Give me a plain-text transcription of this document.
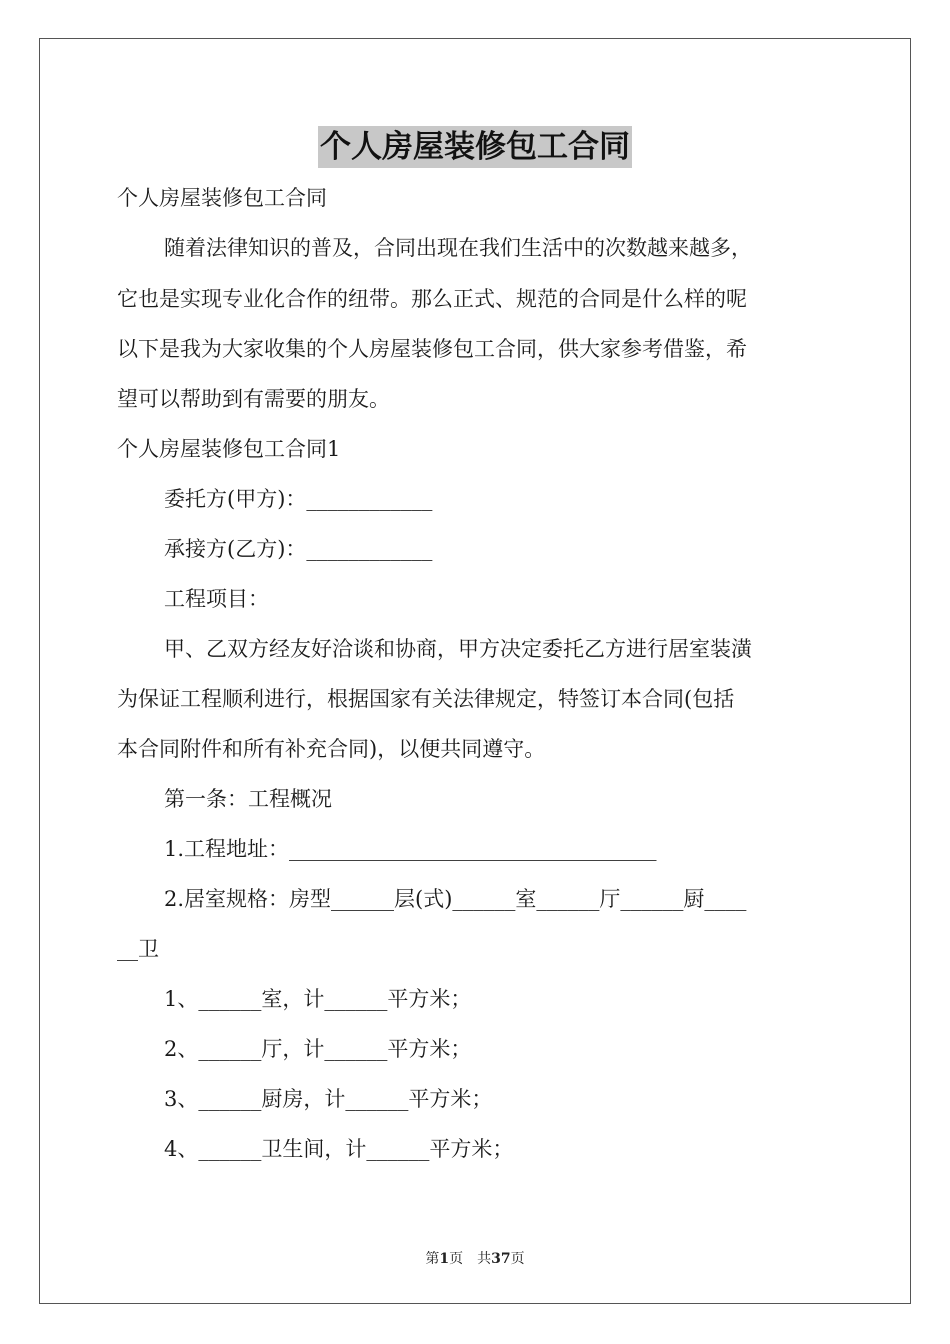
个人房屋装修包工合同
个人房屋装修包工合同
随着法律知识的普及，合同出现在我们生活中的次数越来越多，
它也是实现专业化合作的纽带。那么正式、规范的合同是什么样的呢
以下是我为大家收集的个人房屋装修包工合同，供大家参考借鉴，希
望可以帮助到有需要的朋友。
个人房屋装修包工合同1
委托方(甲方)：____________
承接方(乙方)：____________
工程项目：
甲、乙双方经友好洽谈和协商，甲方决定委托乙方进行居室装潢
为保证工程顺利进行，根据国家有关法律规定，特签订本合同(包括
本合同附件和所有补充合同)，以便共同遵守。
第一条：工程概况
1.工程地址：___________________________________
2.居室规格：房型______层(式)______室______厅______厨____
__卫
1、______室，计______平方米；
2、______厅，计______平方米；
3、______厨房，计______平方米；
4、______卫生间，计______平方米；
第1页 共37页
